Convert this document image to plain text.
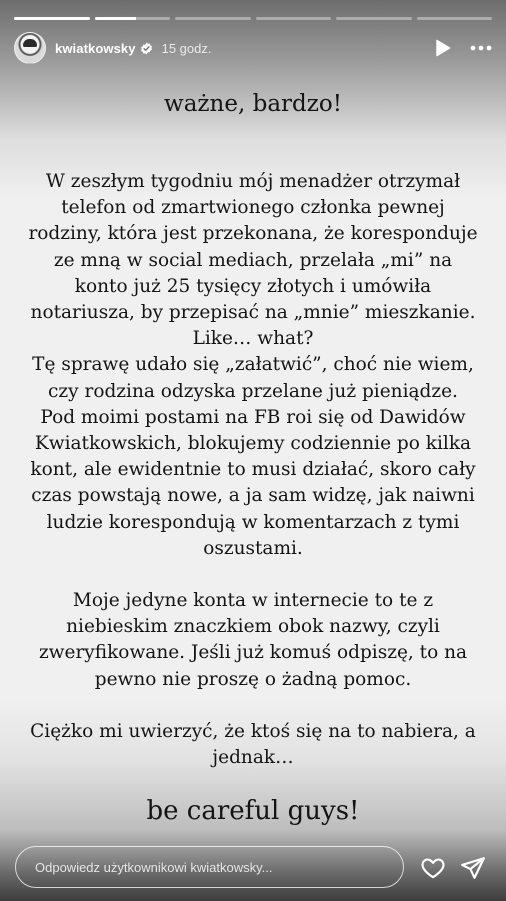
kwiatkowsky 15 godz.
ważne, bardzo!

W zeszłym tygodniu mój menadżer otrzymał telefon od zmartwionego członka pewnej rodziny, która jest przekonana, że koresponduje ze mną w social mediach, przelała „mi” na konto już 25 tysięcy złotych i umówiła notariusza, by przepisać na „mnie” mieszkanie. Like… what?

Tę sprawę udało się „załatwić”, choć nie wiem, czy rodzina odzyska przelane już pieniądze. Pod moimi postami na FB roi się od Dawidów Kwiatkowskich, blokujemy codziennie po kilka kont, ale ewidentnie to musi działać, skoro cały czas powstają nowe, a ja sam widzę, jak naiwni ludzie korespondują w komentarzach z tymi oszustami.

Moje jedyne konta w internecie to te z niebieskim znaczkiem obok nazwy, czyli zweryfikowane. Jeśli już komuś odpiszę, to na pewno nie proszę o żadną pomoc.

Ciężko mi uwierzyć, że ktoś się na to nabiera, a jednak…

be careful guys!
Odpowiedz użytkownikowi kwiatkowsky...
